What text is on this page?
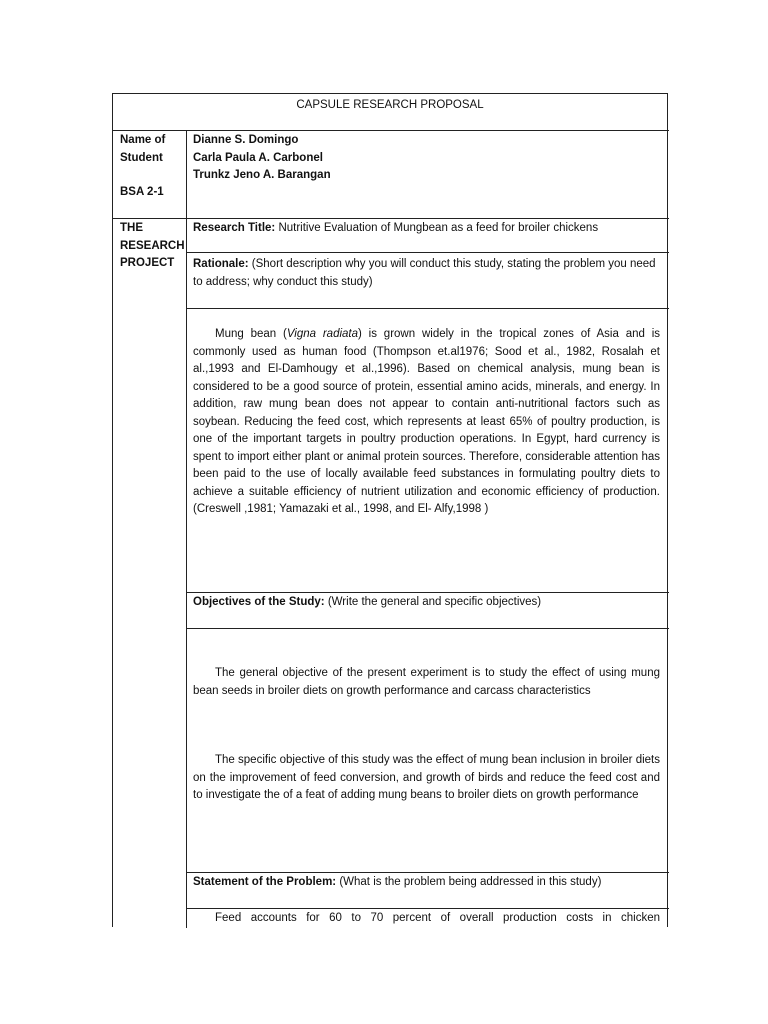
CAPSULE RESEARCH PROPOSAL
Name of
Student
BSA 2-1
Dianne S. Domingo
Carla Paula A. Carbonel
Trunkz Jeno A. Barangan
THE
RESEARCH
PROJECT
Research Title: Nutritive Evaluation of Mungbean as a feed for broiler chickens
Rationale: (Short description why you will conduct this study, stating the problem you need to address; why conduct this study)
Mung bean (Vigna radiata) is grown widely in the tropical zones of Asia and is commonly used as human food (Thompson et.al1976; Sood et al., 1982, Rosalah et al.,1993 and El-Damhougy et al.,1996). Based on chemical analysis, mung bean is considered to be a good source of protein, essential amino acids, minerals, and energy. In addition, raw mung bean does not appear to contain anti-nutritional factors such as soybean. Reducing the feed cost, which represents at least 65% of poultry production, is one of the important targets in poultry production operations. In Egypt, hard currency is spent to import either plant or animal protein sources. Therefore, considerable attention has been paid to the use of locally available feed substances in formulating poultry diets to achieve a suitable efficiency of nutrient utilization and economic efficiency of production. (Creswell ,1981; Yamazaki et al., 1998, and El- Alfy,1998 )
Objectives of the Study: (Write the general and specific objectives)
The general objective of the present experiment is to study the effect of using mung bean seeds in broiler diets on growth performance and carcass characteristics
The specific objective of this study was the effect of mung bean inclusion in broiler diets on the improvement of feed conversion, and growth of birds and reduce the feed cost and to investigate the of a feat of adding mung beans to broiler diets on growth performance
Statement of the Problem: (What is the problem being addressed in this study)
Feed accounts for 60 to 70 percent of overall production costs in chicken
